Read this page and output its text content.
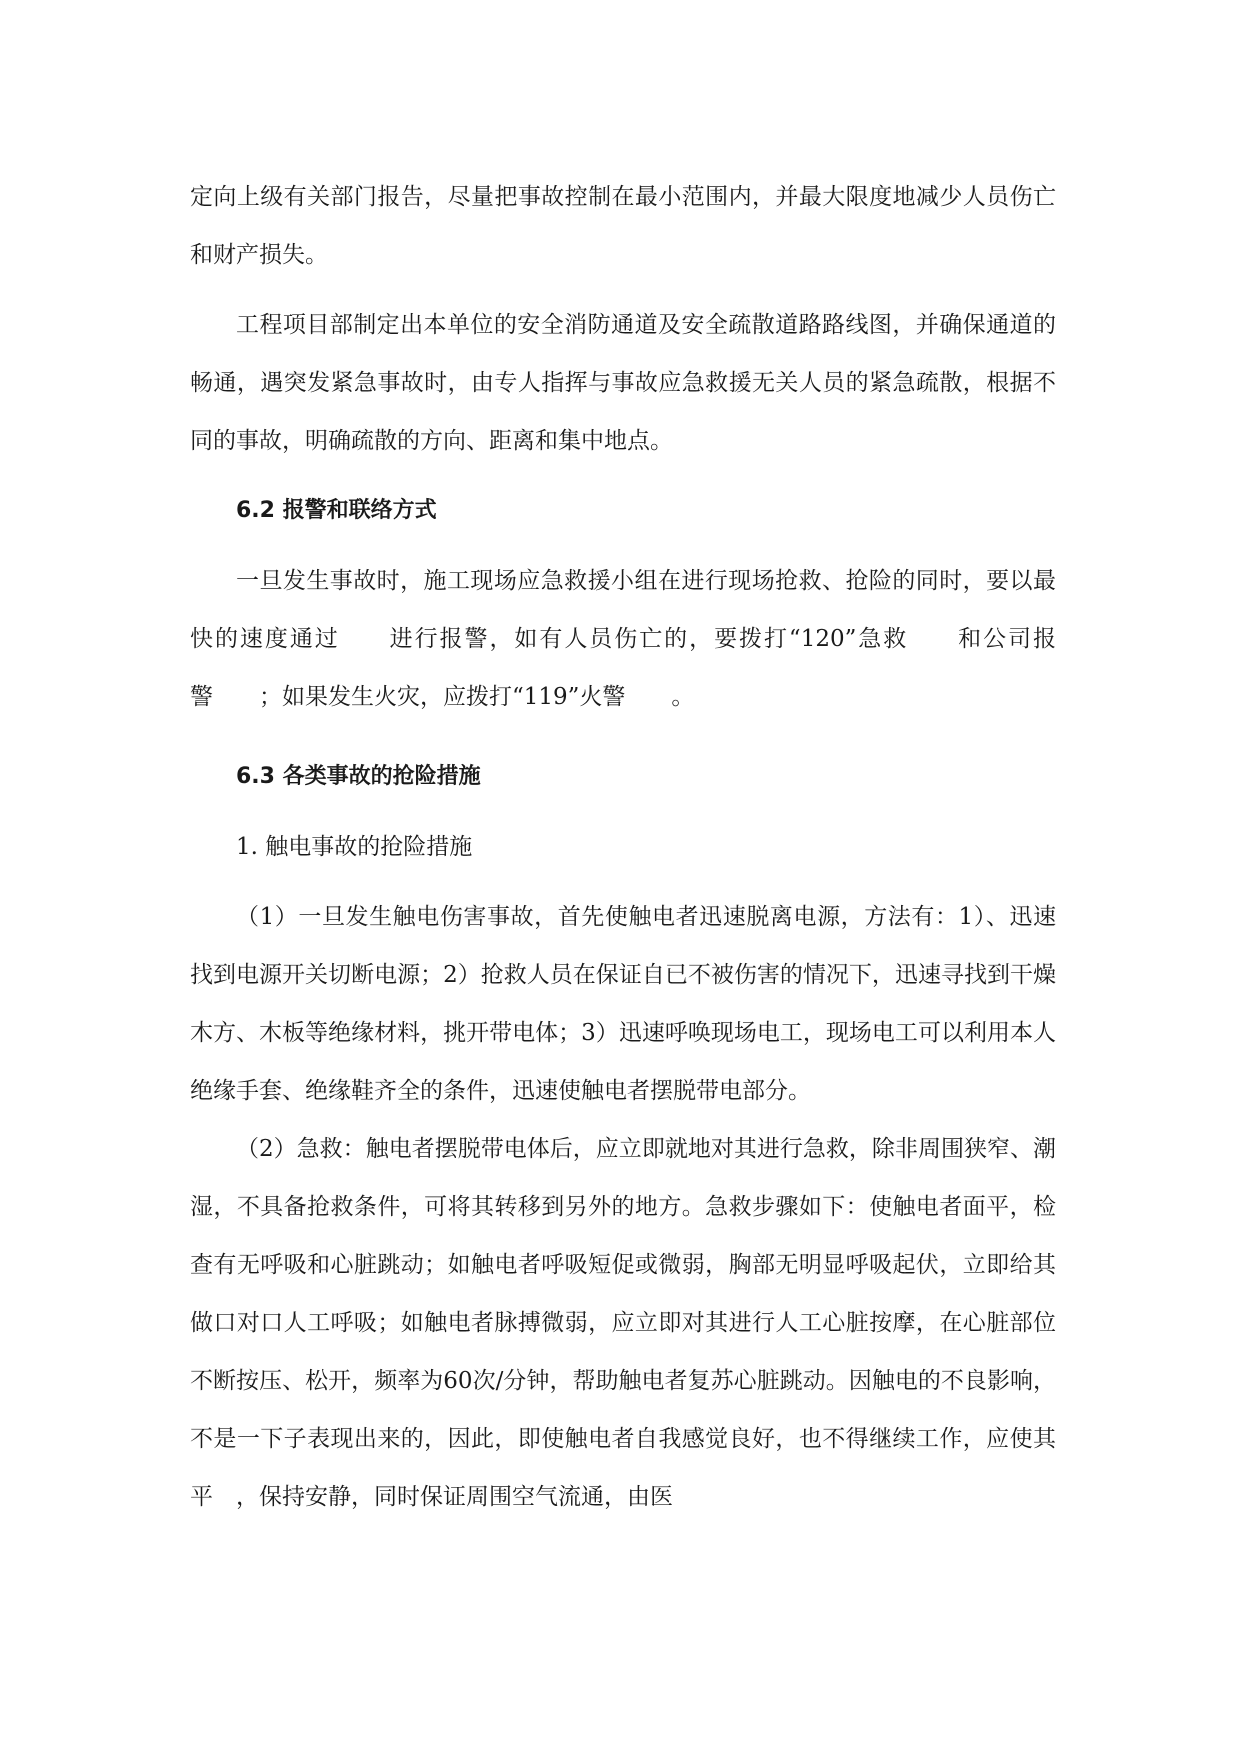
定向上级有关部门报告，尽量把事故控制在最小范围内，并最大限度地减少人员伤亡和财产损失。

工程项目部制定出本单位的安全消防通道及安全疏散道路路线图，并确保通道的畅通，遇突发紧急事故时，由专人指挥与事故应急救援无关人员的紧急疏散，根据不同的事故，明确疏散的方向、距离和集中地点。

6.2 报警和联络方式

一旦发生事故时，施工现场应急救援小组在进行现场抢救、抢险的同时，要以最快的速度通过　　进行报警，如有人员伤亡的，要拨打“120”急救　　和公司报警　　；如果发生火灾，应拨打“119”火警　　。

6.3 各类事故的抢险措施

1. 触电事故的抢险措施

（1）一旦发生触电伤害事故，首先使触电者迅速脱离电源，方法有：1）、迅速找到电源开关切断电源；2）抢救人员在保证自已不被伤害的情况下，迅速寻找到干燥木方、木板等绝缘材料，挑开带电体；3）迅速呼唤现场电工，现场电工可以利用本人绝缘手套、绝缘鞋齐全的条件，迅速使触电者摆脱带电部分。

（2）急救：触电者摆脱带电体后，应立即就地对其进行急救，除非周围狭窄、潮湿，不具备抢救条件，可将其转移到另外的地方。急救步骤如下：使触电者面平，检查有无呼吸和心脏跳动；如触电者呼吸短促或微弱，胸部无明显呼吸起伏，立即给其做口对口人工呼吸；如触电者脉搏微弱，应立即对其进行人工心脏按摩，在心脏部位不断按压、松开，频率为60次/分钟，帮助触电者复苏心脏跳动。因触电的不良影响，不是一下子表现出来的，因此，即使触电者自我感觉良好，也不得继续工作，应使其平　，保持安静，同时保证周围空气流通，由医
